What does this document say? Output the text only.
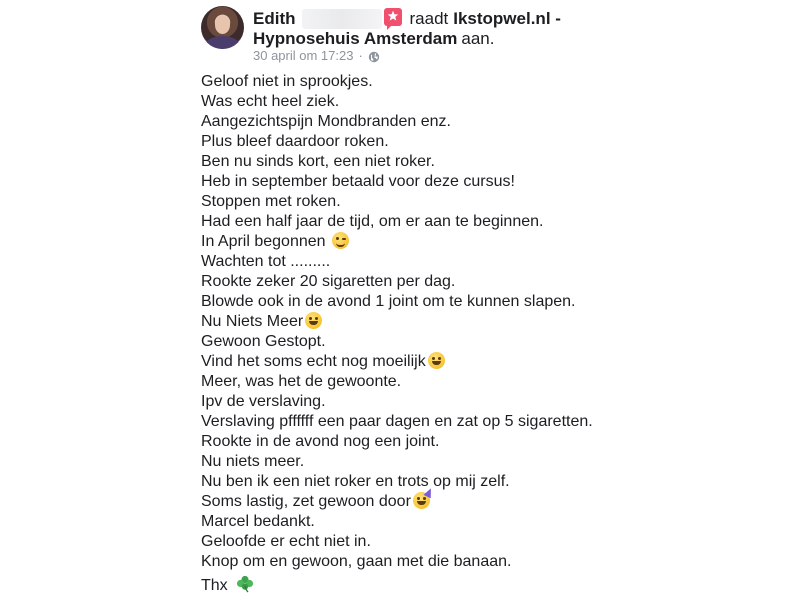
Edith	raadt Ikstopwel.nl -
Hypnosehuis Amsterdam aan.
30 april om 17:23 ·
Geloof niet in sprookjes.
Was echt heel ziek.
Aangezichtspijn Mondbranden enz.
Plus bleef daardoor roken.
Ben nu sinds kort, een niet roker.
Heb in september betaald voor deze cursus!
Stoppen met roken.
Had een half jaar de tijd, om er aan te beginnen.
In April begonnen
Wachten tot .........
Rookte zeker 20 sigaretten per dag.
Blowde ook in de avond 1 joint om te kunnen slapen.
Nu Niets Meer
Gewoon Gestopt.
Vind het soms echt nog moeilijk
Meer, was het de gewoonte.
Ipv de verslaving.
Verslaving pffffff een paar dagen en zat op 5 sigaretten.
Rookte in de avond nog een joint.
Nu niets meer.
Nu ben ik een niet roker en trots op mij zelf.
Soms lastig, zet gewoon door
Marcel bedankt.
Geloofde er echt niet in.
Knop om en gewoon, gaan met die banaan.
Thx
